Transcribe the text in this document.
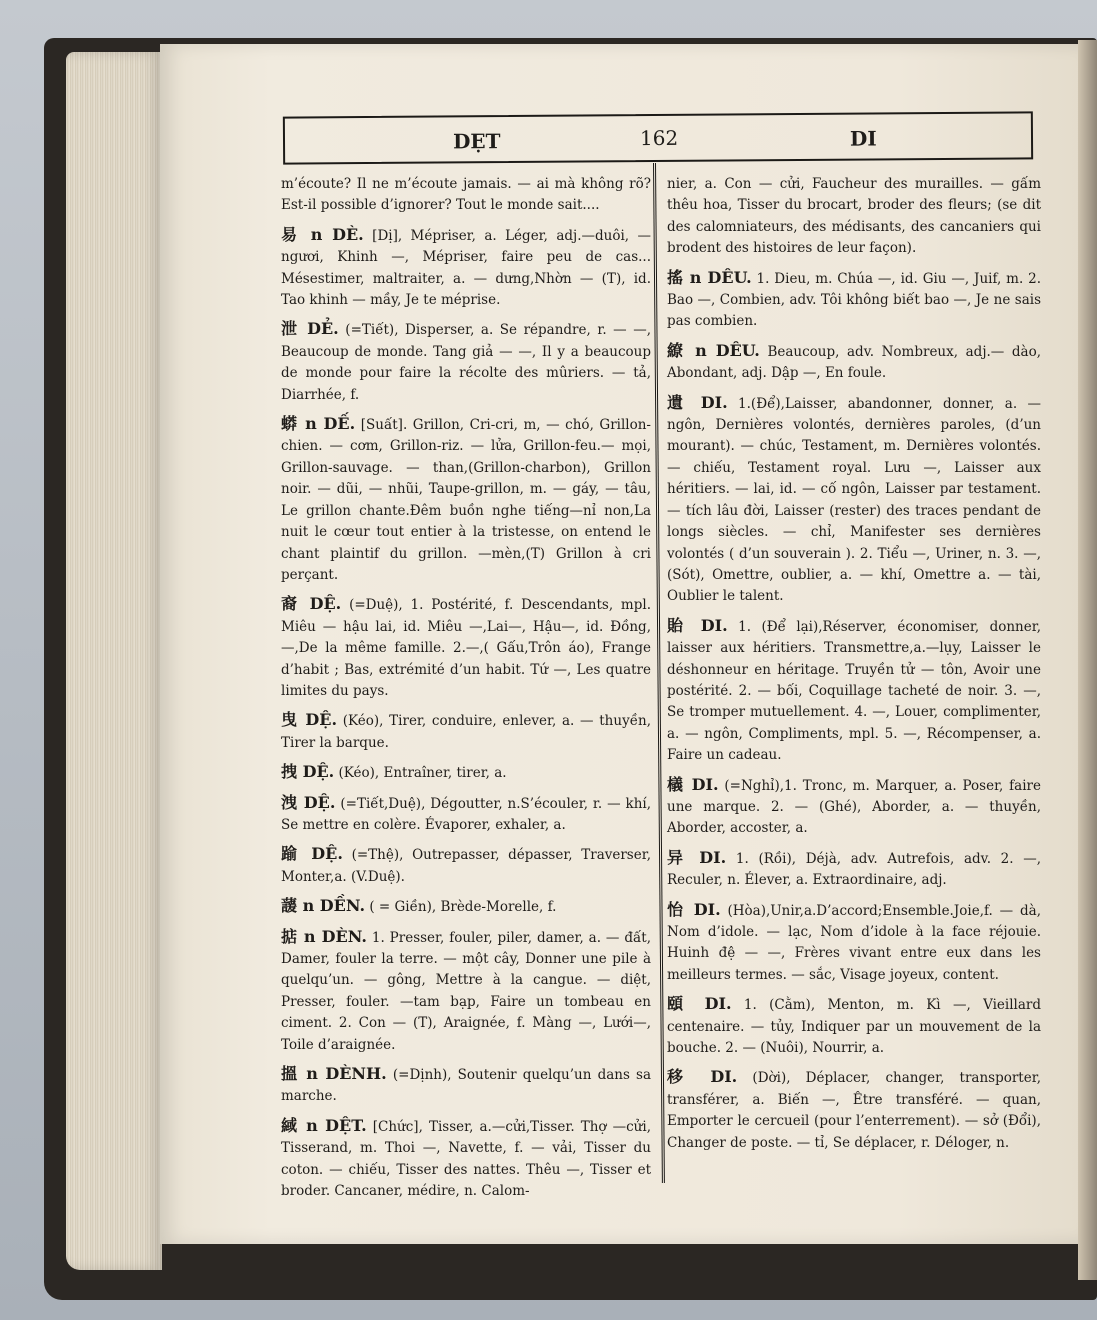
DẸT	162	DI

m’écoute? Il ne m’écoute jamais. — ai mà không rõ? Est-il possible d’ignorer? Tout le monde sait....

易 n DÈ. [Dị], Mépriser, a. Léger, adj.—duôi, —ngươi, Khinh —, Mépriser, faire peu de cas... Mésestimer, maltraiter, a. — dưng,Nhờn — (T), id. Tao khinh — mầy, Je te méprise.

泄 DẺ. (=Tiết), Disperser, a. Se répandre, r. — —, Beaucoup de monde. Tang giả — —, Il y a beaucoup de monde pour faire la récolte des mûriers. — tả, Diarrhée, f.

蟒 n DẾ. [Suất]. Grillon, Cri-cri, m, — chó, Grillon-chien. — cơm, Grillon-riz. — lửa, Grillon-feu.— mọi, Grillon-sauvage. — than,(Grillon-charbon), Grillon noir. — dũi, — nhũi, Taupe-grillon, m. — gáy, — tâu, Le grillon chante.Đêm buồn nghe tiếng—nỉ non,La nuit le cœur tout entier à la tristesse, on entend le chant plaintif du grillon. —mèn,(T) Grillon à cri perçant.

裔 DỆ. (=Duệ), 1. Postérité, f. Descendants, mpl. Miêu — hậu lai, id. Miêu —,Lai—, Hậu—, id. Đồng,—,De la même famille. 2.—,( Gấu,Trôn áo), Frange d’habit ; Bas, extrémité d’un habit. Tứ —, Les quatre limites du pays.

曳 DỆ. (Kéo), Tirer, conduire, enlever, a. — thuyền, Tirer la barque.

拽 DỆ. (Kéo), Entraîner, tirer, a.

洩 DỆ. (=Tiết,Duệ), Dégoutter, n.S’écouler, r. — khí, Se mettre en colère. Évaporer, exhaler, a.

踰 DỆ. (=Thệ), Outrepasser, dépasser, Traverser, Monter,a. (V.Duệ).

蘐 n DỀN. ( = Giền), Brède-Morelle, f.

掂 n DÈN. 1. Presser, fouler, piler, damer, a. — đất, Damer, fouler la terre. — một cây, Donner une pile à quelqu’un. — gông, Mettre à la cangue. — diệt, Presser, fouler. —tam bạp, Faire un tombeau en ciment. 2. Con — (T), Araignée, f. Màng —, Lưới—, Toile d’araignée.

搵 n DÈNH. (=Dịnh), Soutenir quelqu’un dans sa marche.

緎 n DỆT. [Chức], Tisser, a.—cửi,Tisser. Thợ —cửi, Tisserand, m. Thoi —, Navette, f. — vải, Tisser du coton. — chiếu, Tisser des nattes. Thêu —, Tisser et broder. Cancaner, médire, n. Calom-

nier, a. Con — cửi, Faucheur des murailles. — gấm thêu hoa, Tisser du brocart, broder des fleurs; (se dit des calomniateurs, des médisants, des cancaniers qui brodent des histoires de leur façon).

搖 n DÊU. 1. Dieu, m. Chúa —, id. Giu —, Juif, m. 2. Bao —, Combien, adv. Tôi không biết bao —, Je ne sais pas combien.

繚 n DÊU. Beaucoup, adv. Nombreux, adj.— dào, Abondant, adj. Dập —, En foule.

遺 DI. 1.(Để),Laisser, abandonner, donner, a. — ngôn, Dernières volontés, dernières paroles, (d’un mourant). — chúc, Testament, m. Dernières volontés. — chiếu, Testament royal. Lưu —, Laisser aux héritiers. — lai, id. — cố ngôn, Laisser par testament. — tích lâu đời, Laisser (rester) des traces pendant de longs siècles. — chỉ, Manifester ses dernières volontés ( d’un souverain ). 2. Tiểu —, Uriner, n. 3. —, (Sót), Omettre, oublier, a. — khí, Omettre a. — tài, Oublier le talent.

貽 DI. 1. (Để lại),Réserver, économiser, donner, laisser aux héritiers. Transmettre,a.—lụy, Laisser le déshonneur en héritage. Truyền tử — tôn, Avoir une postérité. 2. — bối, Coquillage tacheté de noir. 3. —, Se tromper mutuellement. 4. —, Louer, complimenter, a. — ngôn, Compliments, mpl. 5. —, Récompenser, a. Faire un cadeau.

檥 DI. (=Nghỉ),1. Tronc, m. Marquer, a. Poser, faire une marque. 2. — (Ghé), Aborder, a. — thuyền, Aborder, accoster, a.

异 DI. 1. (Rồi), Déjà, adv. Autrefois, adv. 2. —, Reculer, n. Élever, a. Extraordinaire, adj.

怡 DI. (Hòa),Unir,a.D’accord;Ensemble.Joie,f. — dà, Nom d’idole. — lạc, Nom d’idole à la face réjouie. Huinh đệ — —, Frères vivant entre eux dans les meilleurs termes. — sắc, Visage joyeux, content.

頤 DI. 1. (Cằm), Menton, m. Kì —, Vieillard centenaire. — tủy, Indiquer par un mouvement de la bouche. 2. — (Nuôi), Nourrir, a.

移 DI. (Dời), Déplacer, changer, transporter, transférer, a. Biến —, Être transféré. — quan, Emporter le cercueil (pour l’enterrement). — sở (Đổi), Changer de poste. — tỉ, Se déplacer, r. Déloger, n.
